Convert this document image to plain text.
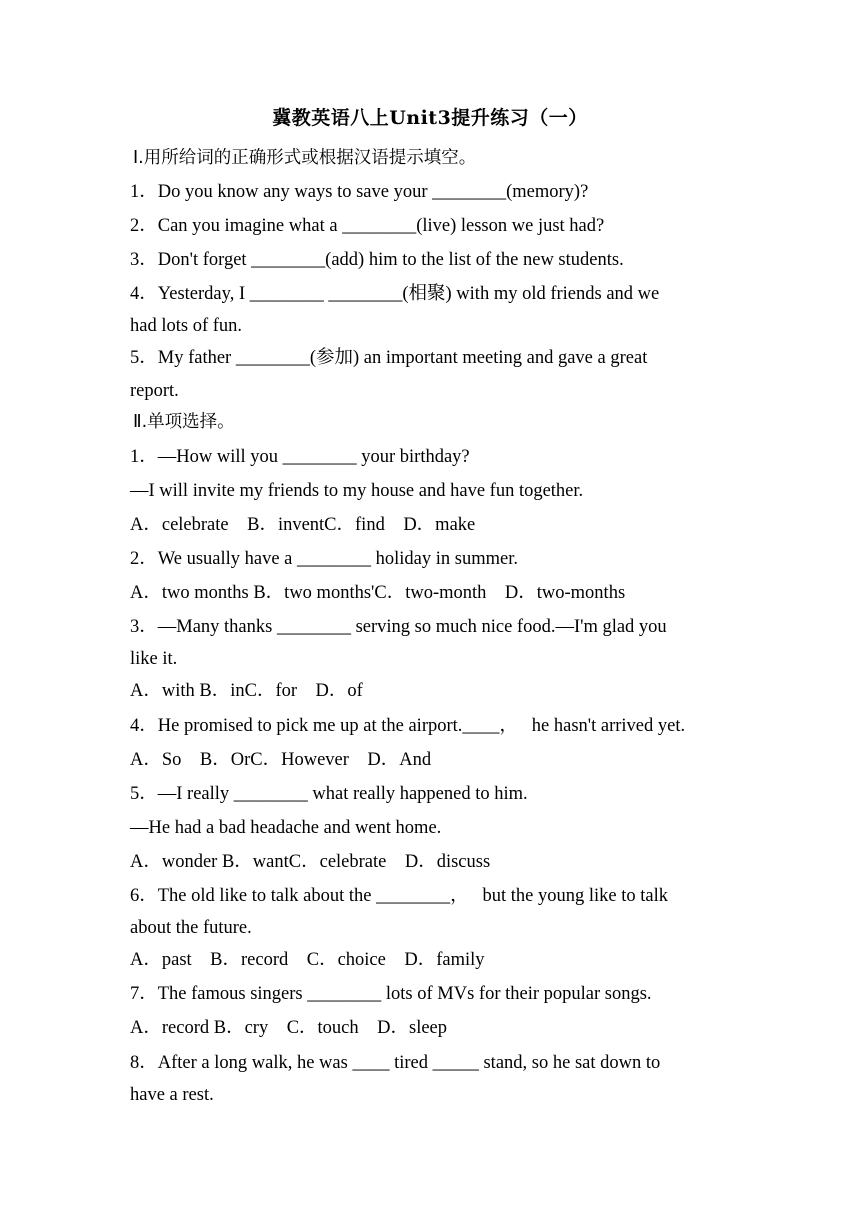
冀教英语八上Unit3提升练习（一）
Ⅰ.用所给词的正确形式或根据汉语提示填空。
1．Do you know any ways to save your ________(memory)?
2．Can you imagine what a ________(live) lesson we just had?
3．Don't forget ________(add) him to the list of the new students.
4．Yesterday, I ________ ________(相聚) with my old friends and we
had lots of fun.
5．My father ________(参加) an important meeting and gave a great
report.
Ⅱ.单项选择。
1．—How will you ________ your birthday?
—I will invite my friends to my house and have fun together.
A．celebrate    B．inventC．find    D．make
2．We usually have a ________ holiday in summer.
A．two months B．two months'C．two-month    D．two-months
3．—Many thanks ________ serving so much nice food.—I'm glad you
like it.
A．with B．inC．for    D．of
4．He promised to pick me up at the airport.____，   he hasn't arrived yet.
A．So    B．OrC．However    D．And
5．—I really ________ what really happened to him.
—He had a bad headache and went home.
A．wonder B．wantC．celebrate    D．discuss
6．The old like to talk about the ________，   but the young like to talk
about the future.
A．past    B．record    C．choice    D．family
7．The famous singers ________ lots of MVs for their popular songs.
A．record B．cry    C．touch    D．sleep
8．After a long walk, he was ____ tired _____ stand, so he sat down to
have a rest.
